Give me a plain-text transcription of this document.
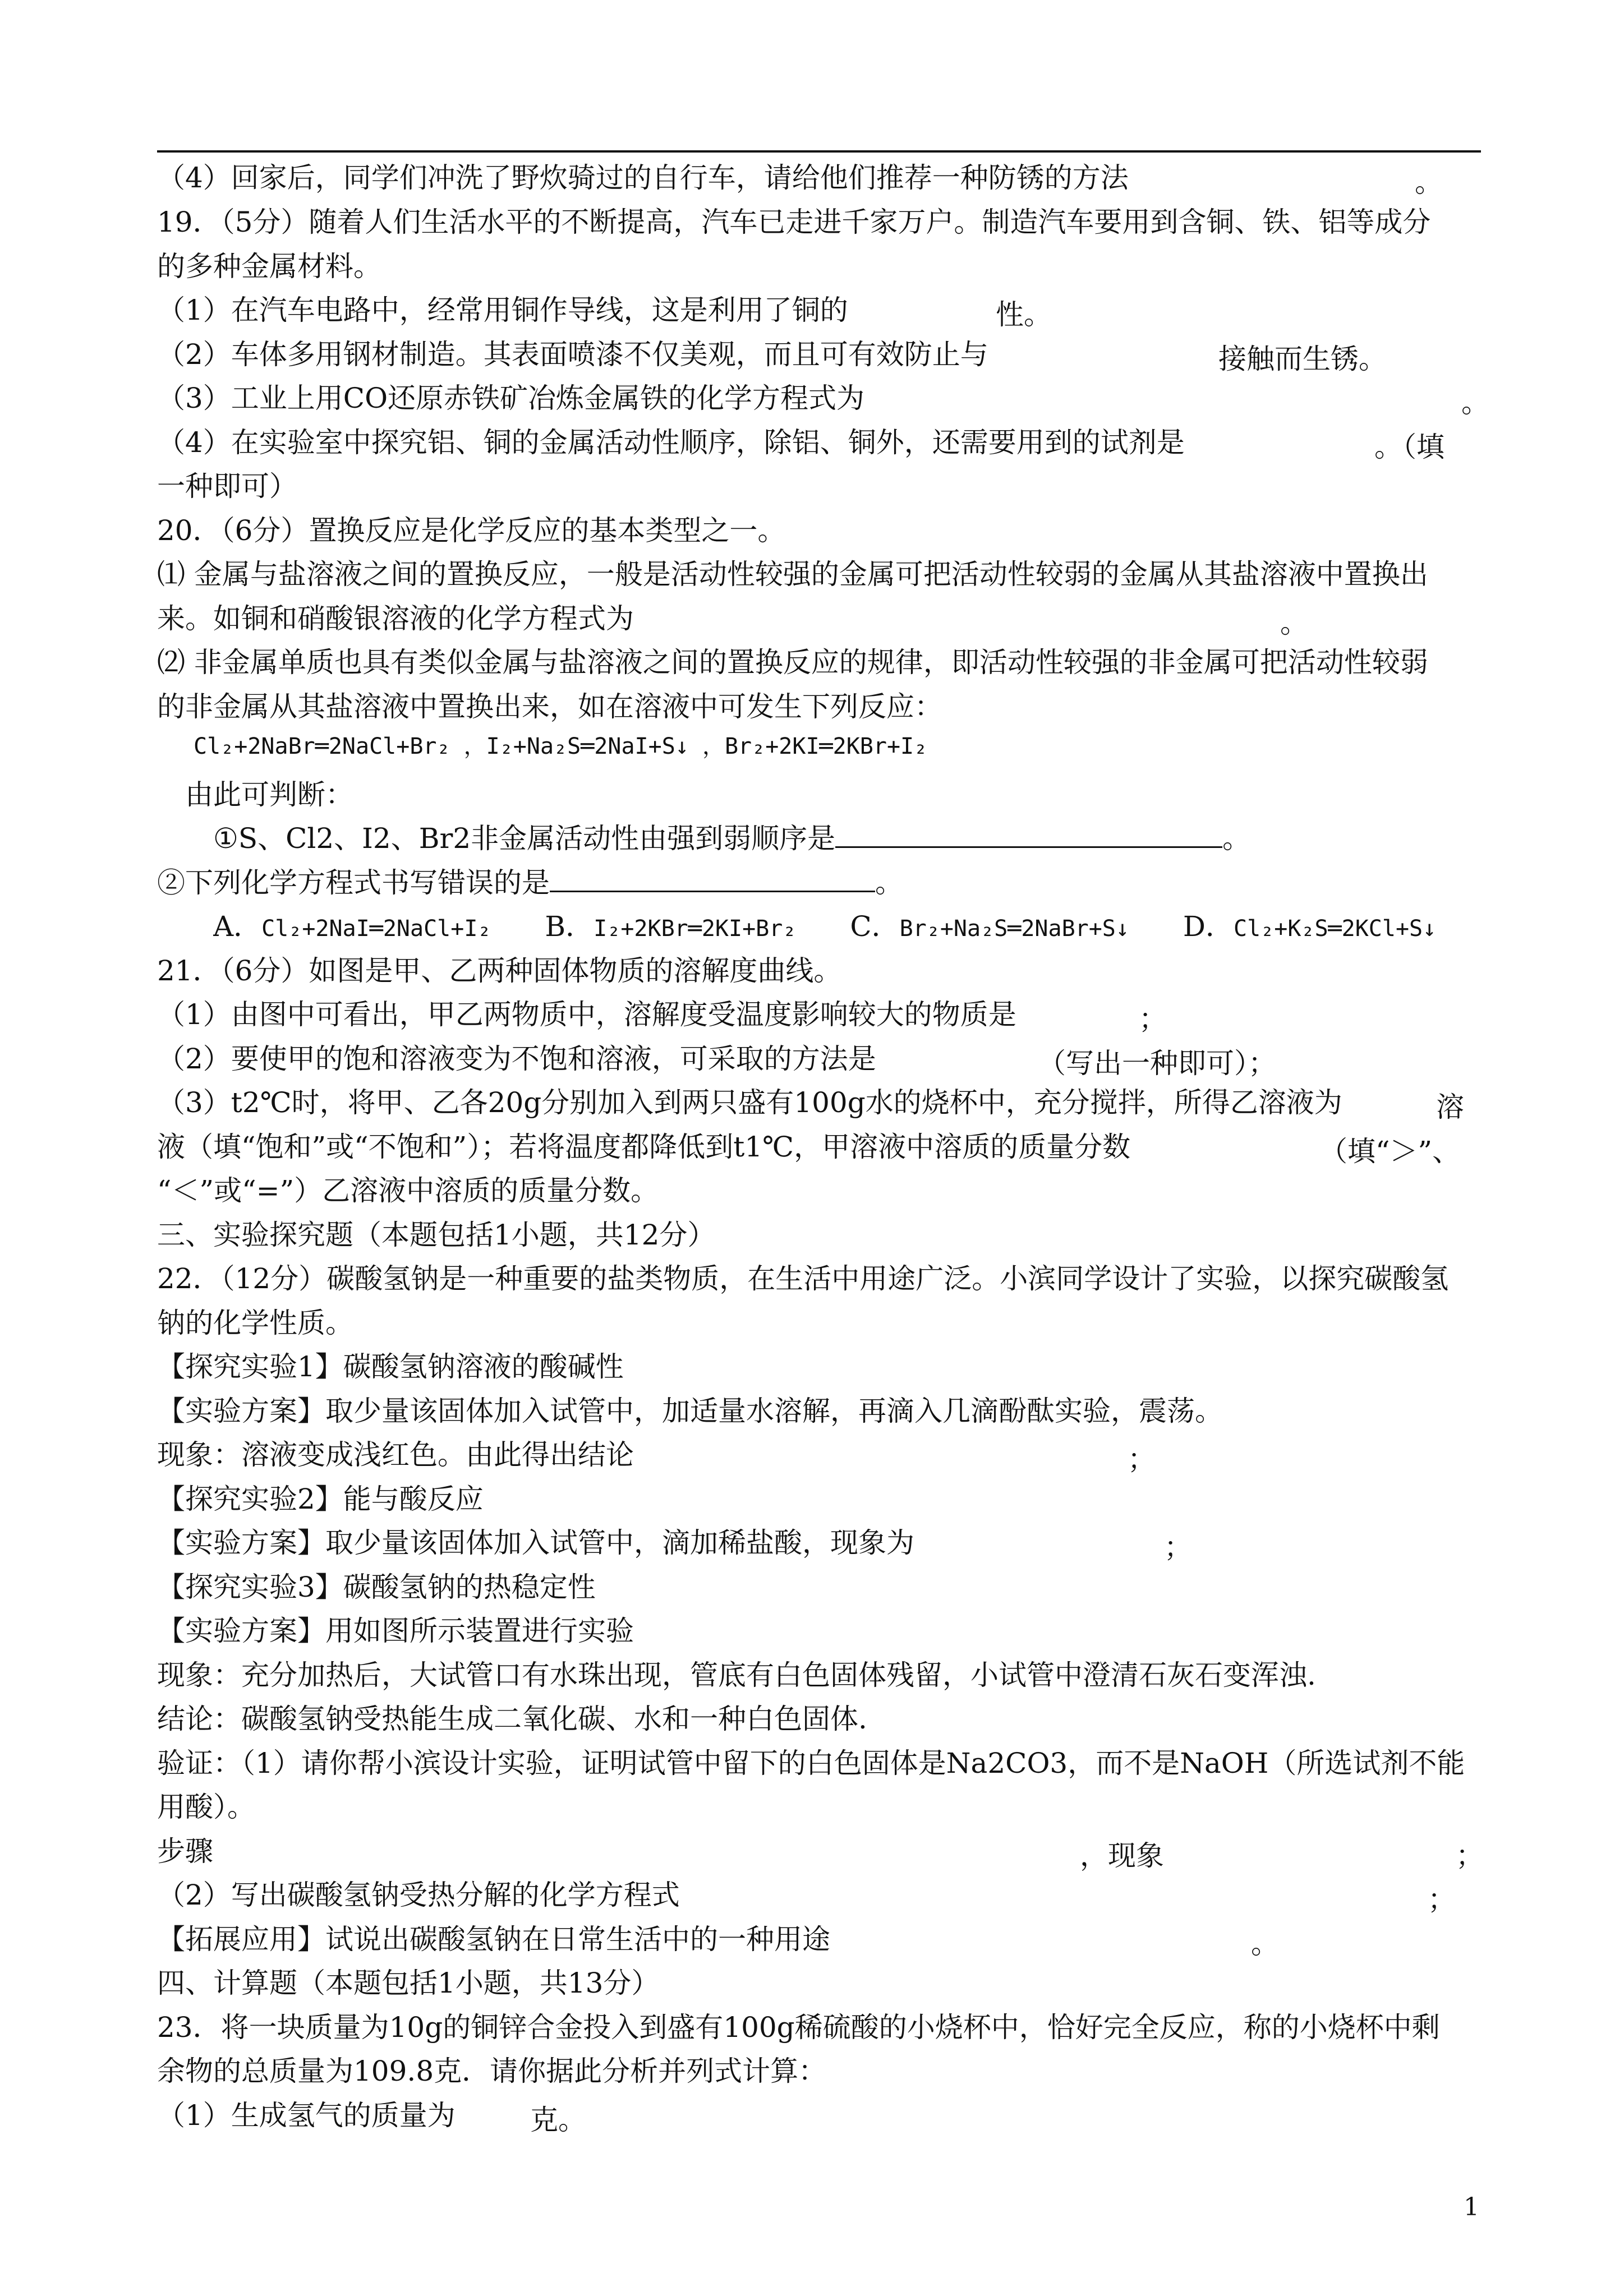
（4）回家后，同学们冲洗了野炊骑过的自行车，请给他们推荐一种防锈的方法	。
19．（5分）随着人们生活水平的不断提高，汽车已走进千家万户。制造汽车要用到含铜、铁、铝等成分
的多种金属材料。
（1）在汽车电路中，经常用铜作导线，这是利用了铜的	性。
（2）车体多用钢材制造。其表面喷漆不仅美观，而且可有效防止与	接触而生锈。
（3）工业上用CO还原赤铁矿冶炼金属铁的化学方程式为	。
（4）在实验室中探究铝、铜的金属活动性顺序，除铝、铜外，还需要用到的试剂是	。（填
一种即可）
20．（6分）置换反应是化学反应的基本类型之一。
⑴ 金属与盐溶液之间的置换反应，一般是活动性较强的金属可把活动性较弱的金属从其盐溶液中置换出
来。如铜和硝酸银溶液的化学方程式为	。
⑵ 非金属单质也具有类似金属与盐溶液之间的置换反应的规律，即活动性较强的非金属可把活动性较弱
的非金属从其盐溶液中置换出来，如在溶液中可发生下列反应：
Cl₂+2NaBr═2NaCl+Br₂ ，I₂+Na₂S═2NaI+S↓ ，Br₂+2KI═2KBr+I₂
由此可判断：
①S、Cl2、I2、Br2非金属活动性由强到弱顺序是	。
②下列化学方程式书写错误的是	。
A．Cl₂+2NaI═2NaCl+I₂ B．I₂+2KBr═2KI+Br₂ C．Br₂+Na₂S═2NaBr+S↓ D．Cl₂+K₂S═2KCl+S↓
21．（6分）如图是甲、乙两种固体物质的溶解度曲线。
（1）由图中可看出，甲乙两物质中，溶解度受温度影响较大的物质是	；
（2）要使甲的饱和溶液变为不饱和溶液，可采取的方法是	（写出一种即可）；
（3）t2℃时，将甲、乙各20g分别加入到两只盛有100g水的烧杯中，充分搅拌，所得乙溶液为	溶
液（填“饱和”或“不饱和”）；若将温度都降低到t1℃，甲溶液中溶质的质量分数	（填“＞”、
“＜”或“=”）乙溶液中溶质的质量分数。
三、实验探究题（本题包括1小题，共12分）
22．（12分）碳酸氢钠是一种重要的盐类物质，在生活中用途广泛。小滨同学设计了实验，以探究碳酸氢
钠的化学性质。
【探究实验1】碳酸氢钠溶液的酸碱性
【实验方案】取少量该固体加入试管中，加适量水溶解，再滴入几滴酚酞实验，震荡。
现象：溶液变成浅红色。由此得出结论	；
【探究实验2】能与酸反应
【实验方案】取少量该固体加入试管中，滴加稀盐酸，现象为	；
【探究实验3】碳酸氢钠的热稳定性
【实验方案】用如图所示装置进行实验
现象：充分加热后，大试管口有水珠出现，管底有白色固体残留，小试管中澄清石灰石变浑浊.
结论：碳酸氢钠受热能生成二氧化碳、水和一种白色固体.
验证：（1）请你帮小滨设计实验，证明试管中留下的白色固体是Na2CO3，而不是NaOH（所选试剂不能
用酸）。
步骤	，现象	；
（2）写出碳酸氢钠受热分解的化学方程式	；
【拓展应用】试说出碳酸氢钠在日常生活中的一种用途	。
四、计算题（本题包括1小题，共13分）
23．将一块质量为10g的铜锌合金投入到盛有100g稀硫酸的小烧杯中，恰好完全反应，称的小烧杯中剩
余物的总质量为109.8克．请你据此分析并列式计算：
（1）生成氢气的质量为	克。
1
